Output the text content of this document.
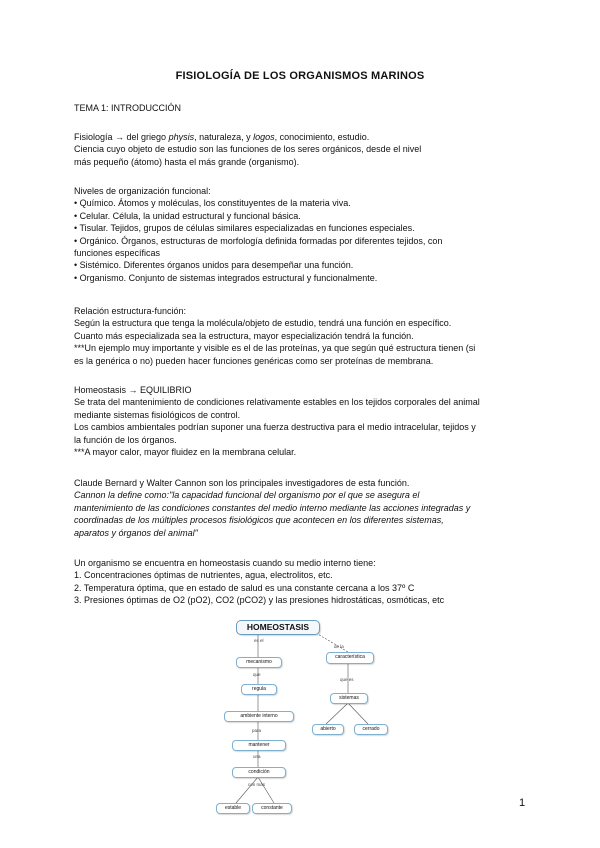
FISIOLOGÍA DE LOS ORGANISMOS MARINOS
TEMA 1: INTRODUCCIÓN

Fisiología → del griego physis, naturaleza, y logos, conocimiento, estudio.

Ciencia cuyo objeto de estudio son las funciones de los seres orgánicos, desde el nivel

más pequeño (átomo) hasta el más grande (organismo).

Niveles de organización funcional:

• Químico. Átomos y moléculas, los constituyentes de la materia viva.

• Celular. Célula, la unidad estructural y funcional básica.

• Tisular. Tejidos, grupos de células similares especializadas en funciones especiales.

• Orgánico. Órganos, estructuras de morfología definida formadas por diferentes tejidos, con

funciones específicas

• Sistémico. Diferentes órganos unidos para desempeñar una función.

• Organismo. Conjunto de sistemas integrados estructural y funcionalmente.

Relación estructura-función:

Según la estructura que tenga la molécula/objeto de estudio, tendrá una función en específico.

Cuanto más especializada sea la estructura, mayor especialización tendrá la función.

***Un ejemplo muy importante y visible es el de las proteínas, ya que según qué estructura tienen (si

es la genérica o no) pueden hacer funciones genéricas como ser proteínas de membrana.

Homeostasis → EQUILIBRIO

Se trata del mantenimiento de condiciones relativamente estables en los tejidos corporales del animal

mediante sistemas fisiológicos de control.

Los cambios ambientales podrían suponer una fuerza destructiva para el medio intracelular, tejidos y

la función de los órganos.

***A mayor calor, mayor fluidez en la membrana celular.

Claude Bernard y Walter Cannon son los principales investigadores de esta función.

Cannon la define como:"la capacidad funcional del organismo por el que se asegura el

mantenimiento de las condiciones constantes del medio interno mediante las acciones integradas y

coordinadas de los múltiples procesos fisiológicos que acontecen en los diferentes sistemas,

aparatos y órganos del animal"

Un organismo se encuentra en homeostasis cuando su medio interno tiene:

1. Concentraciones óptimas de nutrientes, agua, electrolitos, etc.

2. Temperatura óptima, que en estado de salud es una constante cercana a los 37º C

3. Presiones óptimas de O2 (pO2), CO2 (pCO2) y las presiones hidrostáticas, osmóticas, etc

HOMEOSTASIS
es el
de la
mecanismo
que
regula
ambiente interno
para
mantener
una
condición
con más
estable	constante
característica
que es
sistemas
abierto	cerrado
1
